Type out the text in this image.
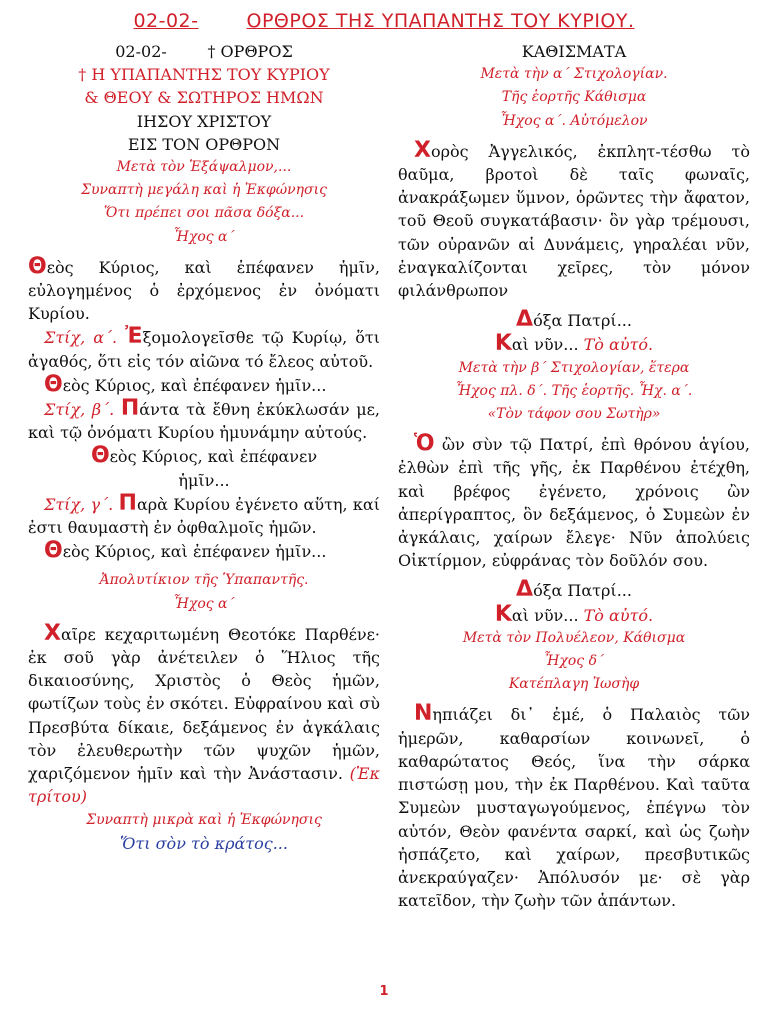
02-02-	ΟΡΘΡΟΣ ΤΗΣ ΥΠΑΠΑΝΤΗΣ ΤΟΥ ΚΥΡΙΟΥ.

02-02-        † ΟΡΘΡΟΣ

† Η ΥΠΑΠΑΝΤΗΣ ΤΟΥ ΚΥΡΙΟΥ

& ΘΕΟΥ & ΣΩΤΗΡΟΣ ΗΜΩΝ

ΙΗΣΟΥ ΧΡΙΣΤΟΥ

ΕΙΣ ΤΟΝ ΟΡΘΡΟΝ

Μετὰ τὸν Ἑξάψαλμον,...

Συναπτὴ μεγάλη καὶ ἡ Ἐκφώνησις

Ὅτι πρέπει σοι πᾶσα δόξα...

Ἦχος α΄

Θεὸς Κύριος, καὶ ἐπέφανεν ἡμῖν, εὐλογημένος ὁ ἐρχόμενος ἐν ὀνόματι Κυρίου.

Στίχ, α΄. Ἐξομολογεῖσθε τῷ Κυρίῳ, ὅτι ἀγαθός, ὅτι εἰς τόν αἰῶνα τό ἔλεος αὐτοῦ.

Θεὸς Κύριος, καὶ ἐπέφανεν ἡμῖν...

Στίχ, β΄. Πάντα τὰ ἔθνη ἐκύκλωσάν με, καὶ τῷ ὀνόματι Κυρίου ἠμυνάμην αὐτούς.

Θεὸς Κύριος, καὶ ἐπέφανεν
ἡμῖν...

Στίχ, γ΄. Παρὰ Κυρίου ἐγένετο αὕτη, καί ἐστι θαυμαστὴ ἐν ὀφθαλμοῖς ἡμῶν.

Θεὸς Κύριος, καὶ ἐπέφανεν ἡμῖν...

Ἀπολυτίκιον τῆς Ὑπαπαντῆς.

Ἦχος α΄

Χαῖρε κεχαριτωμένη Θεοτόκε Παρθένε· ἐκ σοῦ γὰρ ἀνέτειλεν ὁ Ἥλιος τῆς δικαιοσύνης, Χριστὸς ὁ Θεὸς ἡμῶν, φωτίζων τοὺς ἐν σκότει. Εὐφραίνου καὶ σὺ Πρεσβύτα δίκαιε, δεξάμενος ἐν ἀγκάλαις τὸν ἐλευθερωτὴν τῶν ψυχῶν ἡμῶν, χαριζόμενον ἡμῖν καὶ τὴν Ἀνάστασιν. (Ἐκ τρίτου)

Συναπτὴ μικρὰ καὶ ἡ Ἐκφώνησις

Ὅτι σὸν τὸ κράτος...

ΚΑΘΙΣΜΑΤΑ

Μετὰ τὴν α΄ Στιχολογίαν.

Τῆς ἑορτῆς Κάθισμα

Ἦχος α΄. Αὐτόμελον

Χορὸς Ἀγγελικός, ἐκπλητ-τέσθω τὸ θαῦμα, βροτοὶ δὲ ταῖς φωναῖς, ἀνακράξωμεν ὕμνον, ὁρῶντες τὴν ἄφατον, τοῦ Θεοῦ συγκατάβασιν· ὃν γὰρ τρέμουσι, τῶν οὐρανῶν αἱ Δυνάμεις, γηραλέαι νῦν, ἐναγκαλίζονται χεῖρες, τὸν μόνον φιλάνθρωπον

Δόξα Πατρί...

Καὶ νῦν... Τὸ αὐτό.

Μετὰ τὴν β΄ Στιχολογίαν, ἕτερα

Ἦχος πλ. δ΄. Τῆς ἑορτῆς. Ἦχ. α΄.

«Τὸν τάφον σου Σωτὴρ»

Ὁ ὢν σὺν τῷ Πατρί, ἐπὶ θρόνου ἁγίου, ἐλθὼν ἐπὶ τῆς γῆς, ἐκ Παρθένου ἐτέχθη, καὶ βρέφος ἐγένετο, χρόνοις ὢν ἀπερίγραπτος, ὃν δεξάμενος, ὁ Συμεὼν ἐν ἀγκάλαις, χαίρων ἔλεγε· Νῦν ἀπολύεις Οἰκτίρμον, εὐφράνας τὸν δοῦλόν σου.

Δόξα Πατρί...

Καὶ νῦν... Τὸ αὐτό.

Μετὰ τὸν Πολυέλεον, Κάθισμα

Ἦχος δ΄

Κατέπλαγη Ἰωσὴφ

Νηπιάζει δι᾽ ἐμέ, ὁ Παλαιὸς τῶν ἡμερῶν, καθαρσίων κοινωνεῖ, ὁ καθαρώτατος Θεός, ἵνα τὴν σάρκα πιστώσῃ μου, τὴν ἐκ Παρθένου. Καὶ ταῦτα Συμεὼν μυσταγωγούμενος, ἐπέγνω τὸν αὐτόν, Θεὸν φανέντα σαρκί, καὶ ὡς ζωὴν ἠσπάζετο, καὶ χαίρων, πρεσβυτικῶς ἀνεκραύγαζεν· Ἀπόλυσόν με· σὲ γὰρ κατεῖδον, τὴν ζωὴν τῶν ἁπάντων.

1
